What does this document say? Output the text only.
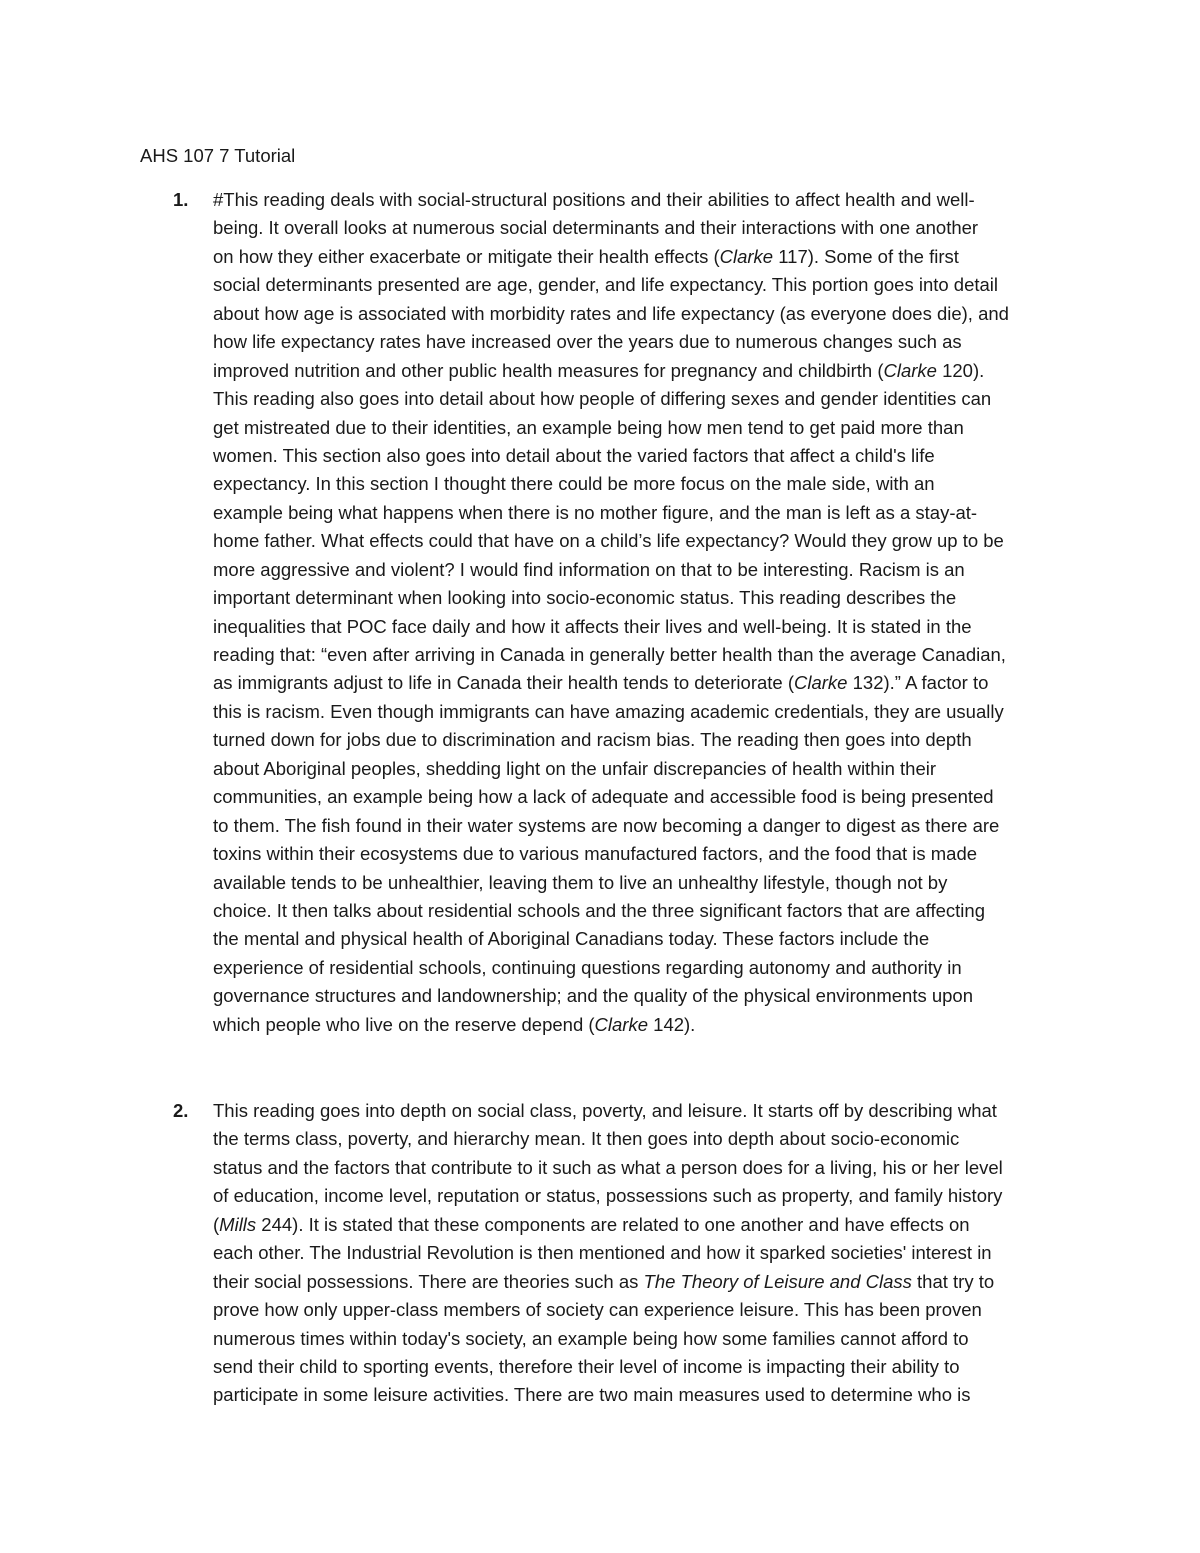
AHS 107 7 Tutorial
1. #This reading deals with social-structural positions and their abilities to affect health and well-
being. It overall looks at numerous social determinants and their interactions with one another
on how they either exacerbate or mitigate their health effects (Clarke 117). Some of the first
social determinants presented are age, gender, and life expectancy. This portion goes into detail
about how age is associated with morbidity rates and life expectancy (as everyone does die), and
how life expectancy rates have increased over the years due to numerous changes such as
improved nutrition and other public health measures for pregnancy and childbirth (Clarke 120).
This reading also goes into detail about how people of differing sexes and gender identities can
get mistreated due to their identities, an example being how men tend to get paid more than
women. This section also goes into detail about the varied factors that affect a child's life
expectancy. In this section I thought there could be more focus on the male side, with an
example being what happens when there is no mother figure, and the man is left as a stay-at-
home father. What effects could that have on a child’s life expectancy? Would they grow up to be
more aggressive and violent? I would find information on that to be interesting. Racism is an
important determinant when looking into socio-economic status. This reading describes the
inequalities that POC face daily and how it affects their lives and well-being. It is stated in the
reading that: “even after arriving in Canada in generally better health than the average Canadian,
as immigrants adjust to life in Canada their health tends to deteriorate (Clarke 132).” A factor to
this is racism. Even though immigrants can have amazing academic credentials, they are usually
turned down for jobs due to discrimination and racism bias. The reading then goes into depth
about Aboriginal peoples, shedding light on the unfair discrepancies of health within their
communities, an example being how a lack of adequate and accessible food is being presented
to them. The fish found in their water systems are now becoming a danger to digest as there are
toxins within their ecosystems due to various manufactured factors, and the food that is made
available tends to be unhealthier, leaving them to live an unhealthy lifestyle, though not by
choice. It then talks about residential schools and the three significant factors that are affecting
the mental and physical health of Aboriginal Canadians today. These factors include the
experience of residential schools, continuing questions regarding autonomy and authority in
governance structures and landownership; and the quality of the physical environments upon
which people who live on the reserve depend (Clarke 142).
2. This reading goes into depth on social class, poverty, and leisure. It starts off by describing what
the terms class, poverty, and hierarchy mean. It then goes into depth about socio-economic
status and the factors that contribute to it such as what a person does for a living, his or her level
of education, income level, reputation or status, possessions such as property, and family history
(Mills 244). It is stated that these components are related to one another and have effects on
each other. The Industrial Revolution is then mentioned and how it sparked societies' interest in
their social possessions. There are theories such as The Theory of Leisure and Class that try to
prove how only upper-class members of society can experience leisure. This has been proven
numerous times within today's society, an example being how some families cannot afford to
send their child to sporting events, therefore their level of income is impacting their ability to
participate in some leisure activities. There are two main measures used to determine who is
